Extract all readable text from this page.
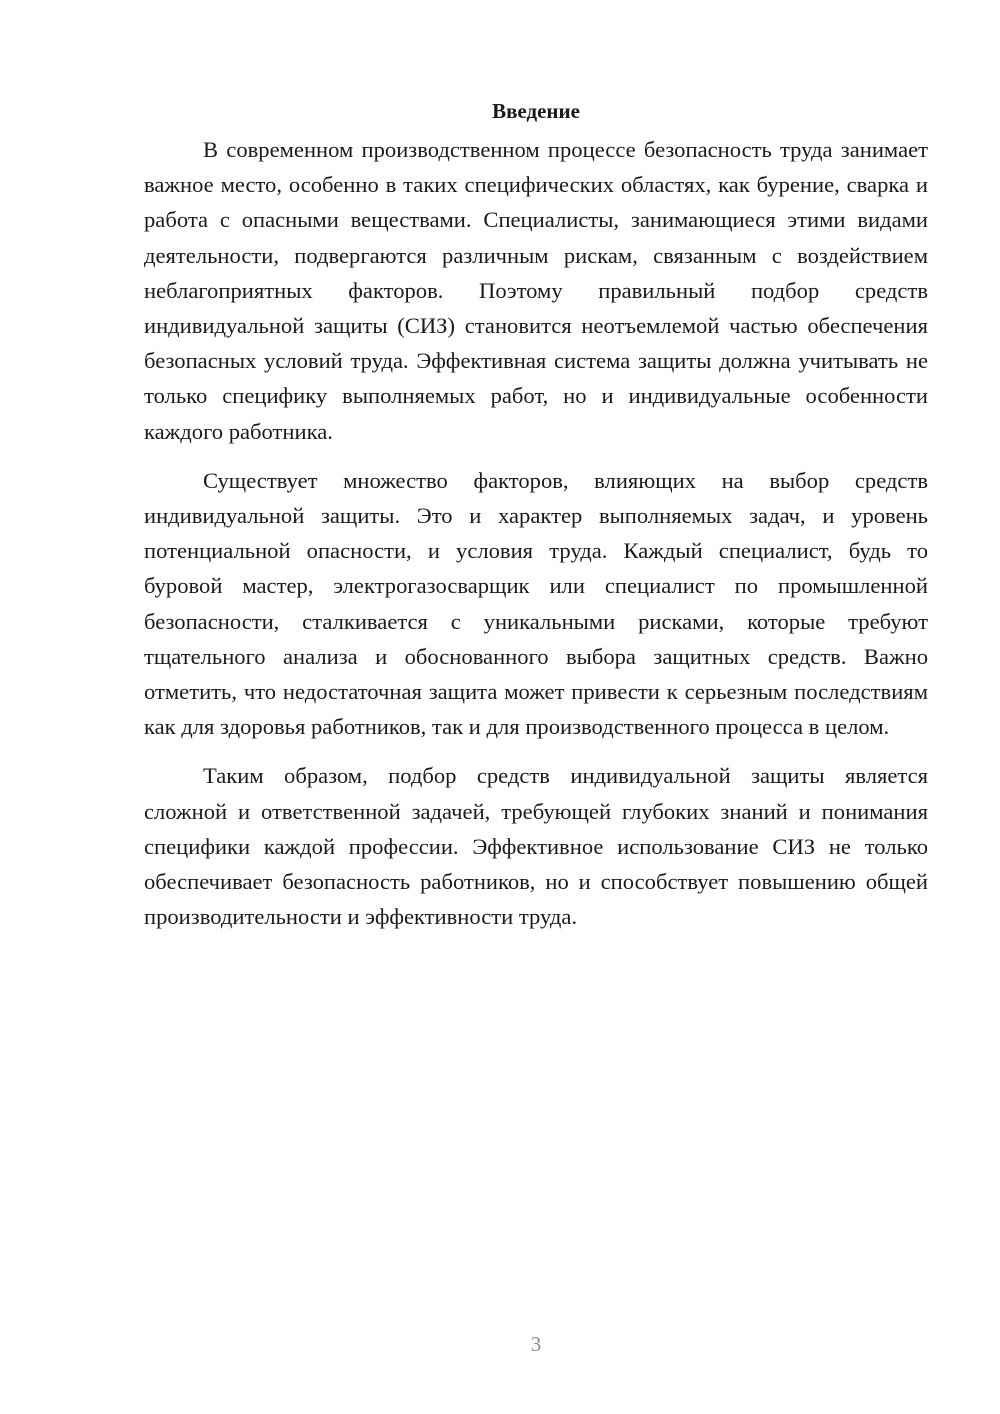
Введение

В современном производственном процессе безопасность труда занимает важное место, особенно в таких специфических областях, как бурение, сварка и работа с опасными веществами. Специалисты, занимающиеся этими видами деятельности, подвергаются различным рискам, связанным с воздействием неблагоприятных факторов. Поэтому правильный подбор средств индивидуальной защиты (СИЗ) становится неотъемлемой частью обеспечения безопасных условий труда. Эффективная система защиты должна учитывать не только специфику выполняемых работ, но и индивидуальные особенности каждого работника.

Существует множество факторов, влияющих на выбор средств индивидуальной защиты. Это и характер выполняемых задач, и уровень потенциальной опасности, и условия труда. Каждый специалист, будь то буровой мастер, электрогазосварщик или специалист по промышленной безопасности, сталкивается с уникальными рисками, которые требуют тщательного анализа и обоснованного выбора защитных средств. Важно отметить, что недостаточная защита может привести к серьезным последствиям как для здоровья работников, так и для производственного процесса в целом.

Таким образом, подбор средств индивидуальной защиты является сложной и ответственной задачей, требующей глубоких знаний и понимания специфики каждой профессии. Эффективное использование СИЗ не только обеспечивает безопасность работников, но и способствует повышению общей производительности и эффективности труда.

3
